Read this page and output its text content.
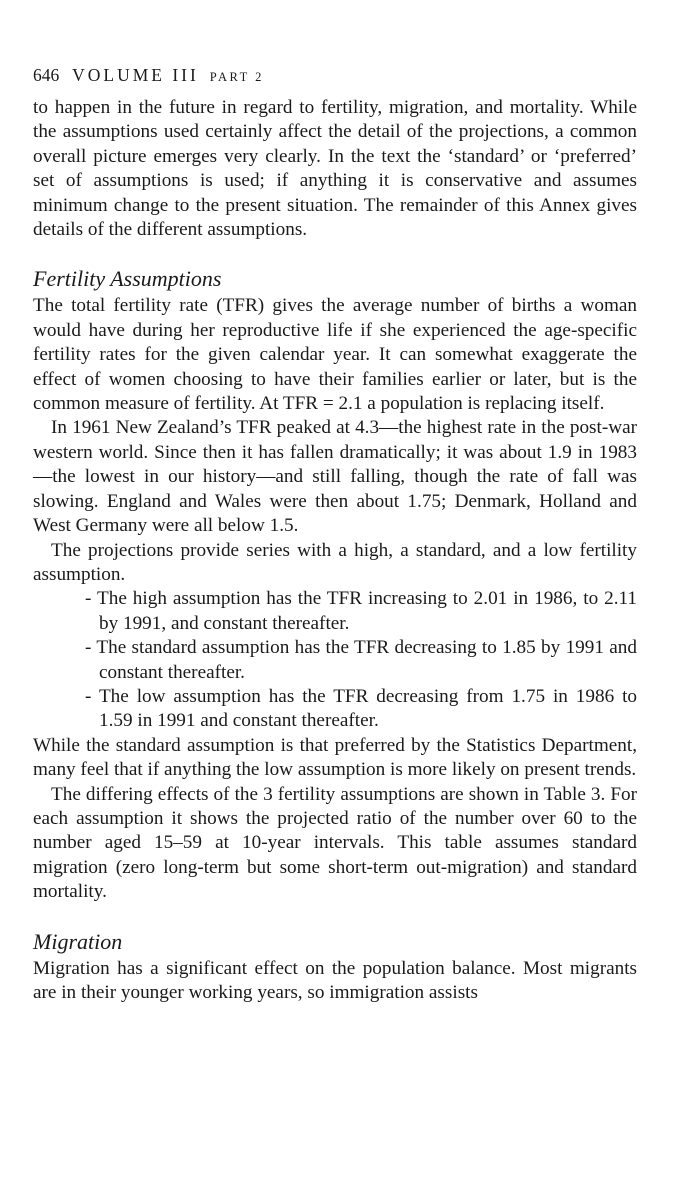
646 VOLUME III PART 2

to happen in the future in regard to fertility, migration, and mortality. While the assumptions used certainly affect the detail of the projections, a common overall picture emerges very clearly. In the text the ‘standard’ or ‘preferred’ set of assumptions is used; if anything it is conservative and assumes minimum change to the present situation. The remainder of this Annex gives details of the different assumptions.

Fertility Assumptions

The total fertility rate (TFR) gives the average number of births a woman would have during her reproductive life if she experienced the age-specific fertility rates for the given calendar year. It can somewhat exaggerate the effect of women choosing to have their families earlier or later, but is the common measure of fertility. At TFR = 2.1 a population is replacing itself.

In 1961 New Zealand’s TFR peaked at 4.3—the highest rate in the post-war western world. Since then it has fallen dramatically; it was about 1.9 in 1983—the lowest in our history—and still falling, though the rate of fall was slowing. England and Wales were then about 1.75; Denmark, Holland and West Germany were all below 1.5.

The projections provide series with a high, a standard, and a low fertility assumption.

- The high assumption has the TFR increasing to 2.01 in 1986, to 2.11 by 1991, and constant thereafter.
- The standard assumption has the TFR decreasing to 1.85 by 1991 and constant thereafter.
- The low assumption has the TFR decreasing from 1.75 in 1986 to 1.59 in 1991 and constant thereafter.

While the standard assumption is that preferred by the Statistics Department, many feel that if anything the low assumption is more likely on present trends.

The differing effects of the 3 fertility assumptions are shown in Table 3. For each assumption it shows the projected ratio of the number over 60 to the number aged 15–59 at 10-year intervals. This table assumes standard migration (zero long-term but some short-term out-migration) and standard mortality.

Migration

Migration has a significant effect on the population balance. Most migrants are in their younger working years, so immigration assists
